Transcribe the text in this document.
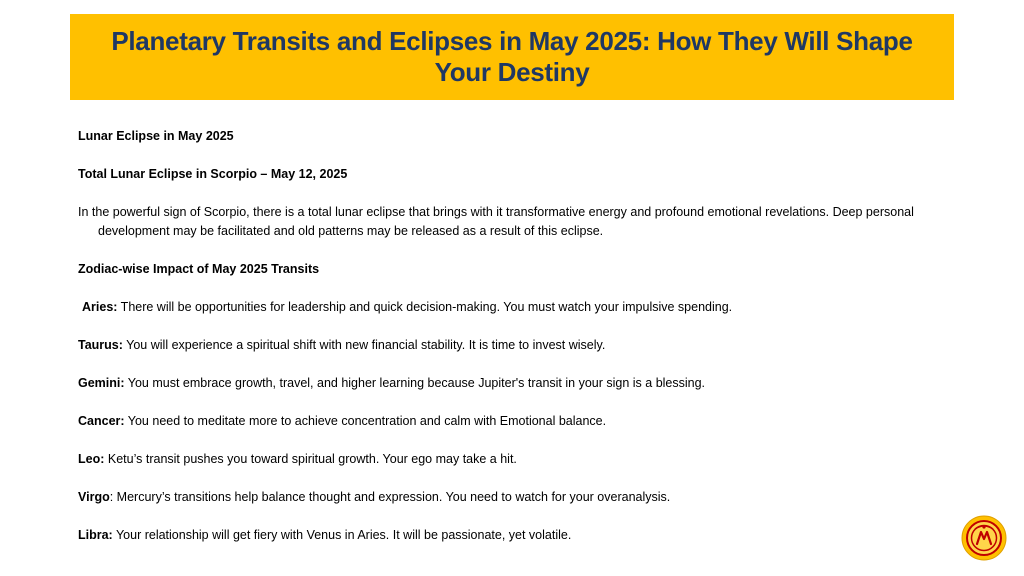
Planetary Transits and Eclipses in May 2025: How They Will Shape Your Destiny

Lunar Eclipse in May 2025

Total Lunar Eclipse in Scorpio – May 12, 2025

In the powerful sign of Scorpio, there is a total lunar eclipse that brings with it transformative energy and profound emotional revelations. Deep personal development may be facilitated and old patterns may be released as a result of this eclipse.

Zodiac-wise Impact of May 2025 Transits

Aries: There will be opportunities for leadership and quick decision-making. You must watch your impulsive spending.

Taurus: You will experience a spiritual shift with new financial stability. It is time to invest wisely.

Gemini: You must embrace growth, travel, and higher learning because Jupiter's transit in your sign is a blessing.

Cancer: You need to meditate more to achieve concentration and calm with Emotional balance.

Leo: Ketu’s transit pushes you toward spiritual growth. Your ego may take a hit.

Virgo: Mercury’s transitions help balance thought and expression. You need to watch for your overanalysis.

Libra: Your relationship will get fiery with Venus in Aries. It will be passionate, yet volatile.
